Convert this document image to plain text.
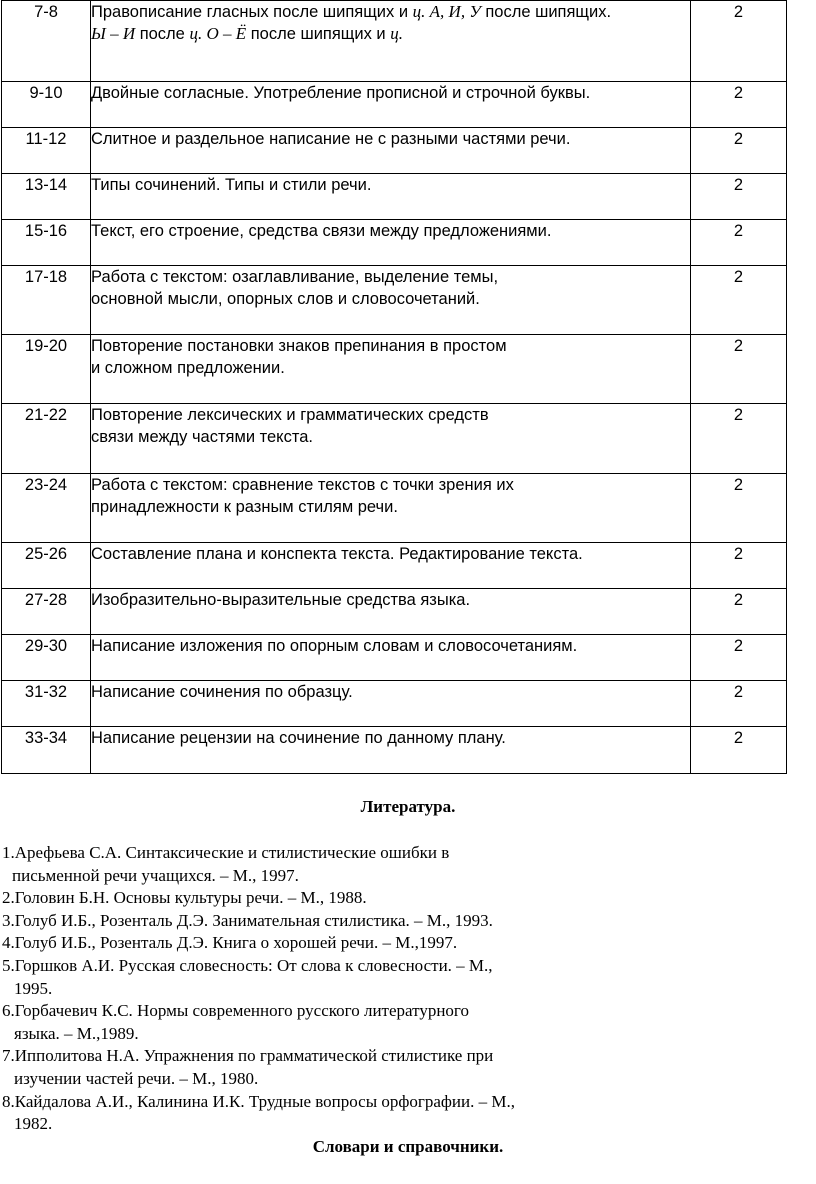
7-8	Правописание гласных после шипящих и ц. А, И, У после шипящих.
Ы – И после ц. О – Ё после шипящих и ц.	2
9-10	Двойные согласные. Употребление прописной и строчной буквы.	2
11-12	Слитное и раздельное написание не с разными частями речи.	2
13-14	Типы сочинений. Типы и стили речи.	2
15-16	Текст, его строение, средства связи между предложениями.	2
17-18	Работа с текстом: озаглавливание, выделение темы,
основной мысли, опорных слов и словосочетаний.	2
19-20	Повторение постановки знаков препинания в простом
и сложном предложении.	2
21-22	Повторение лексических и грамматических средств
связи между частями текста.	2
23-24	Работа с текстом: сравнение текстов с точки зрения их
принадлежности к разным стилям речи.	2
25-26	Составление плана и конспекта текста. Редактирование текста.	2
27-28	Изобразительно-выразительные средства языка.	2
29-30	Написание изложения по опорным словам и словосочетаниям.	2
31-32	Написание сочинения по образцу.	2
33-34	Написание рецензии на сочинение по данному плану.	2
Литература.
1.Арефьева С.А. Синтаксические и стилистические ошибки в
письменной речи учащихся. – М., 1997.
2.Головин Б.Н. Основы культуры речи. – М., 1988.
3.Голуб И.Б., Розенталь Д.Э. Занимательная стилистика. – М., 1993.
4.Голуб И.Б., Розенталь Д.Э. Книга о хорошей речи. – М.,1997.
5.Горшков А.И. Русская словесность: От слова к словесности. – М.,
1995.
6.Горбачевич К.С. Нормы современного русского литературного
языка. – М.,1989.
7.Ипполитова Н.А. Упражнения по грамматической стилистике при
изучении частей речи. – М., 1980.
8.Кайдалова А.И., Калинина И.К. Трудные вопросы орфографии. – М.,
1982.
Словари и справочники.
